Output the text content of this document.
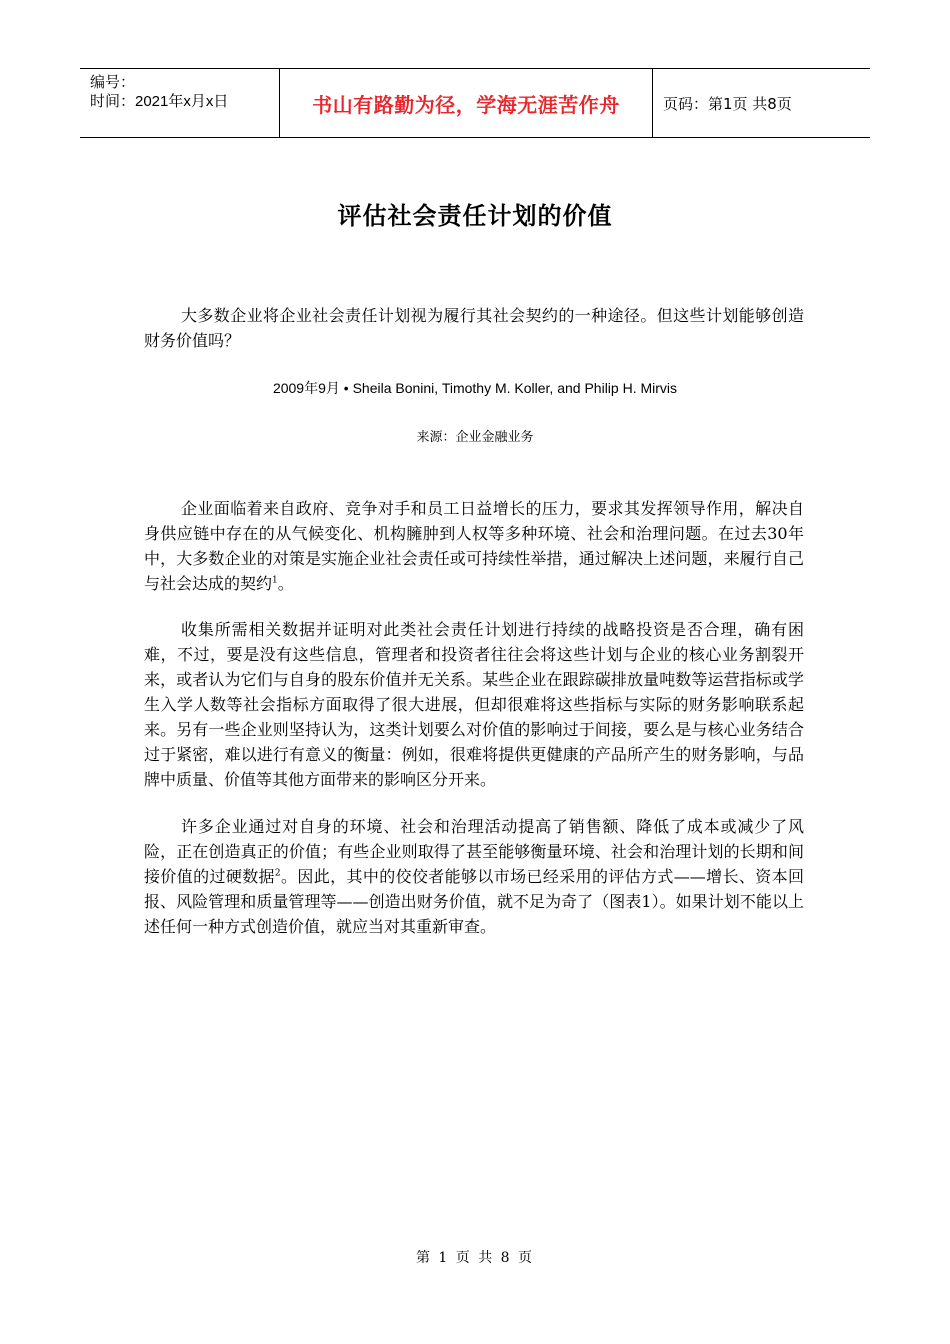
编号：
时间：2021年x月x日	书山有路勤为径，学海无涯苦作舟	页码：第1页 共8页
评估社会责任计划的价值

大多数企业将企业社会责任计划视为履行其社会契约的一种途径。但这些计划能够创造财务价值吗？

2009年9月 • Sheila Bonini, Timothy M. Koller, and Philip H. Mirvis
来源：企业金融业务

企业面临着来自政府、竞争对手和员工日益增长的压力，要求其发挥领导作用，解决自身供应链中存在的从气候变化、机构臃肿到人权等多种环境、社会和治理问题。在过去30年中，大多数企业的对策是实施企业社会责任或可持续性举措，通过解决上述问题，来履行自己与社会达成的契约$^1$。

收集所需相关数据并证明对此类社会责任计划进行持续的战略投资是否合理，确有困难，不过，要是没有这些信息，管理者和投资者往往会将这些计划与企业的核心业务割裂开来，或者认为它们与自身的股东价值并无关系。某些企业在跟踪碳排放量吨数等运营指标或学生入学人数等社会指标方面取得了很大进展，但却很难将这些指标与实际的财务影响联系起来。另有一些企业则坚持认为，这类计划要么对价值的影响过于间接，要么是与核心业务结合过于紧密，难以进行有意义的衡量：例如，很难将提供更健康的产品所产生的财务影响，与品牌中质量、价值等其他方面带来的影响区分开来。

许多企业通过对自身的环境、社会和治理活动提高了销售额、降低了成本或减少了风险，正在创造真正的价值；有些企业则取得了甚至能够衡量环境、社会和治理计划的长期和间接价值的过硬数据$^2$。因此，其中的佼佼者能够以市场已经采用的评估方式——增长、资本回报、风险管理和质量管理等——创造出财务价值，就不足为奇了（图表1）。如果计划不能以上述任何一种方式创造价值，就应当对其重新审查。

第 1 页 共 8 页
